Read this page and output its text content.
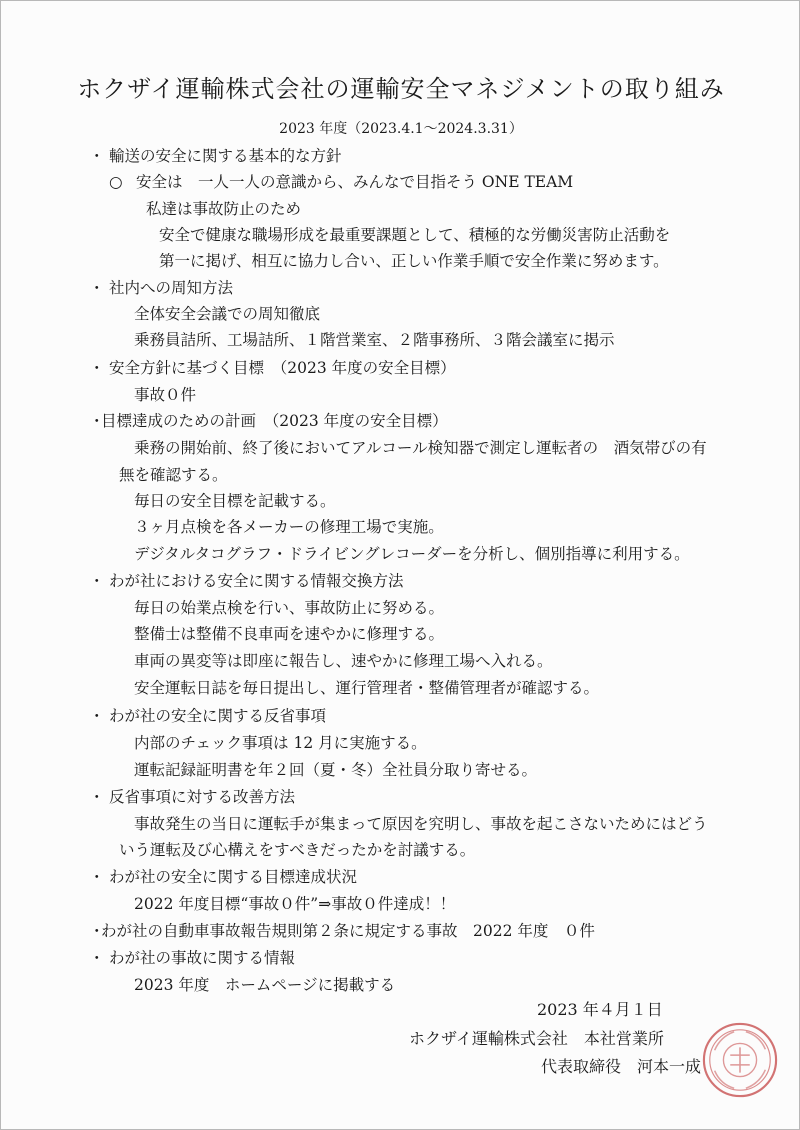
ホクザイ運輸株式会社の運輸安全マネジメントの取り組み
2023 年度（2023.4.1～2024.3.31）
・ 輸送の安全に関する基本的な方針
○ 安全は　一人一人の意識から、みんなで目指そう ONE TEAM
私達は事故防止のため
安全で健康な職場形成を最重要課題として、積極的な労働災害防止活動を
第一に掲げ、相互に協力し合い、正しい作業手順で安全作業に努めます。
・ 社内への周知方法
全体安全会議での周知徹底
乗務員詰所、工場詰所、１階営業室、２階事務所、３階会議室に掲示
・ 安全方針に基づく目標　（2023 年度の安全目標）
事故０件
・
目標達成のための計画　（2023 年度の安全目標）
乗務の開始前、終了後においてアルコール検知器で測定し運転者の　酒気帯びの有
無を確認する。
毎日の安全目標を記載する。
３ヶ月点検を各メーカーの修理工場で実施。
デジタルタコグラフ・ドライビングレコーダーを分析し、個別指導に利用する。
・ わが社における安全に関する情報交換方法
毎日の始業点検を行い、事故防止に努める。
整備士は整備不良車両を速やかに修理する。
車両の異変等は即座に報告し、速やかに修理工場へ入れる。
安全運転日誌を毎日提出し、運行管理者・整備管理者が確認する。
・ わが社の安全に関する反省事項
内部のチェック事項は 12 月に実施する。
運転記録証明書を年２回（夏・冬）全社員分取り寄せる。
・ 反省事項に対する改善方法
事故発生の当日に運転手が集まって原因を究明し、事故を起こさないためにはどう
いう運転及び心構えをすべきだったかを討議する。
・ わが社の安全に関する目標達成状況
2022 年度目標“事故０件”⇒事故０件達成！！
・
わが社の自動車事故報告規則第２条に規定する事故　2022 年度　０件
・ わが社の事故に関する情報
2023 年度　ホームページに掲載する
2023 年４月１日
ホクザイ運輸株式会社　本社営業所
代表取締役　河本一成
